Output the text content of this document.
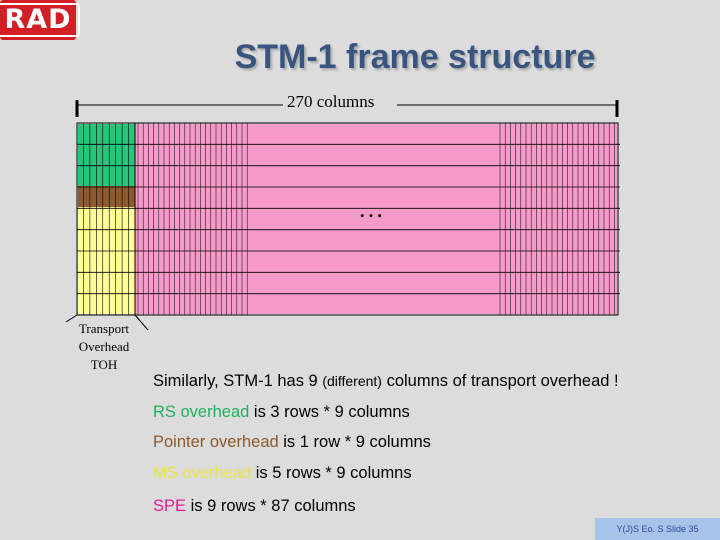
RAD
STM-1 frame structure
270 columns
…
Transport
Overhead
TOH
Similarly, STM-1 has 9 (different) columns of transport overhead !
RS overhead is 3 rows * 9 columns
Pointer overhead is 1 row * 9 columns
MS overhead is 5 rows * 9 columns
SPE is 9 rows * 87 columns
Y(J)S Eo. S Slide 35
